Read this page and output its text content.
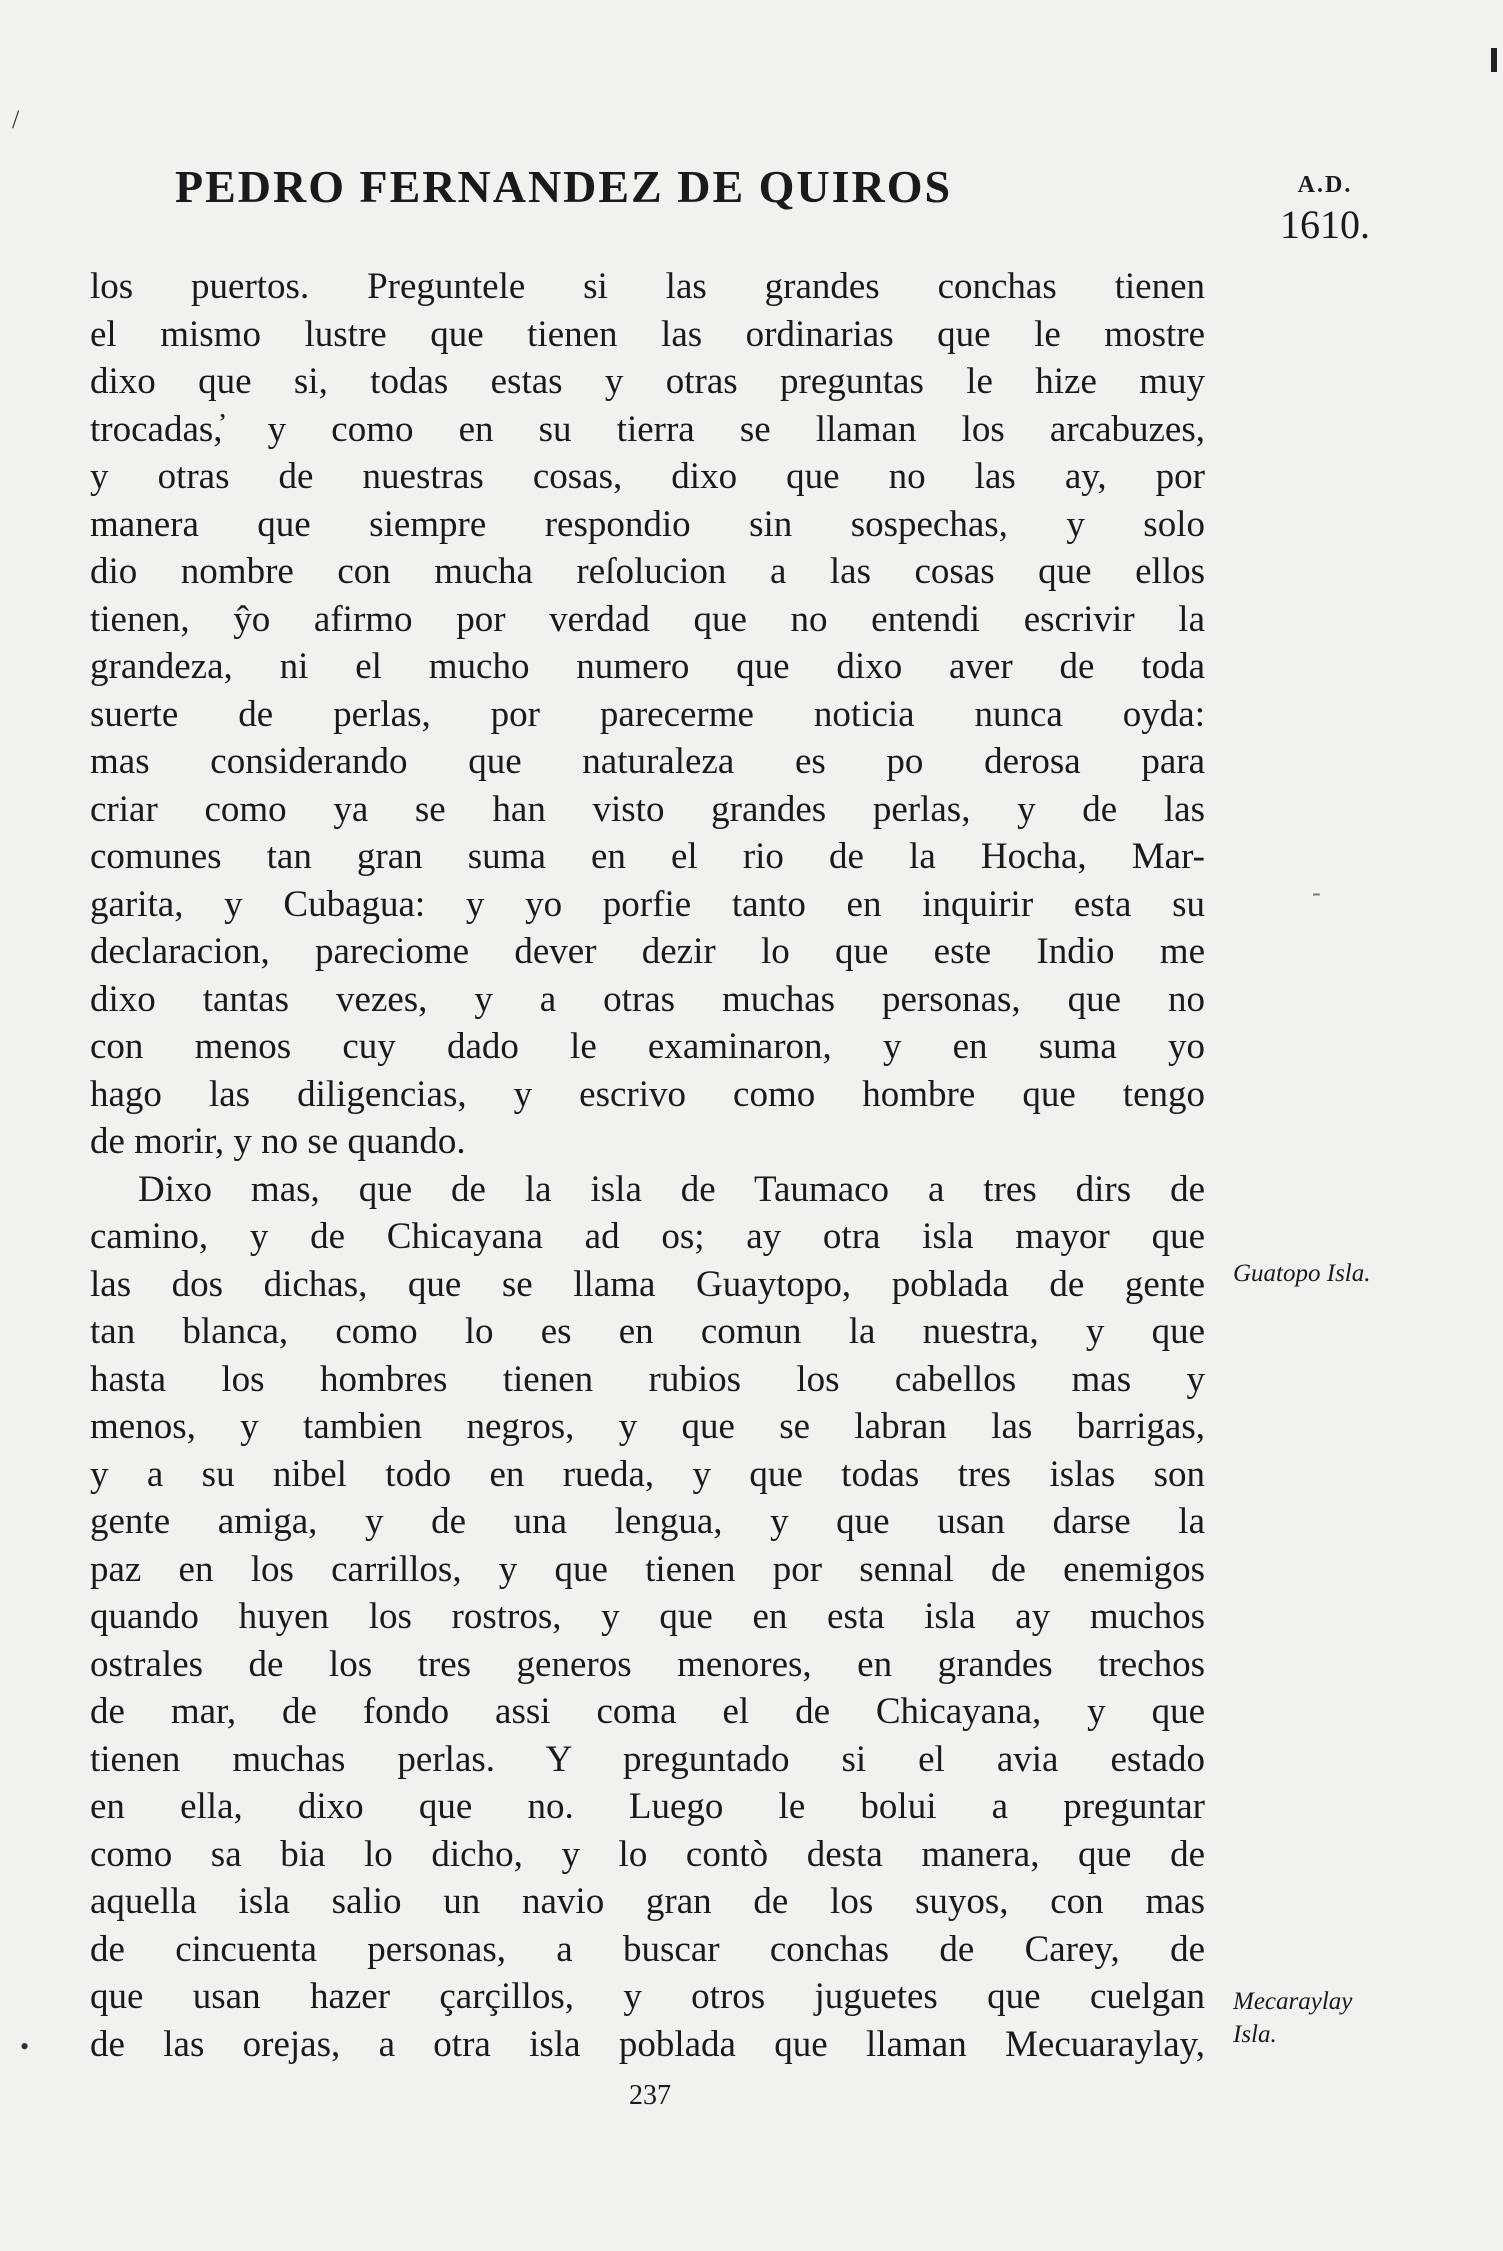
/
-
•
PEDRO FERNANDEZ DE QUIROS	A.D.
1610.
los puertos. Preguntele si las grandes conchas tienen
el mismo lustre que tienen las ordinarias que le mostre
dixo que si, todas estas y otras preguntas le hize muy
trocadas,̓ y como en su tierra se llaman los arcabuzes,
y otras de nuestras cosas, dixo que no las ay, por
manera que siempre respondio sin sospechas, y solo
dio nombre con mucha reſolucion a las cosas que ellos
tienen, ŷo afirmo por verdad que no entendi escrivir la
grandeza, ni el mucho numero que dixo aver de toda
suerte de perlas, por parecerme noticia nunca oyda:
mas considerando que naturaleza es po derosa para
criar como ya se han visto grandes perlas, y de las
comunes tan gran suma en el rio de la Hocha, Mar-
garita, y Cubagua: y yo porfie tanto en inquirir esta su
declaracion, pareciome dever dezir lo que este Indio me
dixo tantas vezes, y a otras muchas personas, que no
con menos cuy dado le examinaron, y en suma yo
hago las diligencias, y escrivo como hombre que tengo
de morir, y no se quando.
Dixo mas, que de la isla de Taumaco a tres dirs de
camino, y de Chicayana ad os; ay otra isla mayor que
las dos dichas, que se llama Guaytopo, poblada de gente
tan blanca, como lo es en comun la nuestra, y que
hasta los hombres tienen rubios los cabellos mas y
menos, y tambien negros, y que se labran las barrigas,
y a su nibel todo en rueda, y que todas tres islas son
gente amiga, y de una lengua, y que usan darse la
paz en los carrillos, y que tienen por sennal de enemigos
quando huyen los rostros, y que en esta isla ay muchos
ostrales de los tres generos menores, en grandes trechos
de mar, de fondo assi coma el de Chicayana, y que
tienen muchas perlas. Y preguntado si el avia estado
en ella, dixo que no. Luego le bolui a preguntar
como sa bia lo dicho, y lo contò desta manera, que de
aquella isla salio un navio gran de los suyos, con mas
de cincuenta personas, a buscar conchas de Carey, de
que usan hazer çarçillos, y otros juguetes que cuelgan
de las orejas, a otra isla poblada que llaman Mecuaraylay,
Guatopo Isla.
Mecaraylay
Isla.
237
